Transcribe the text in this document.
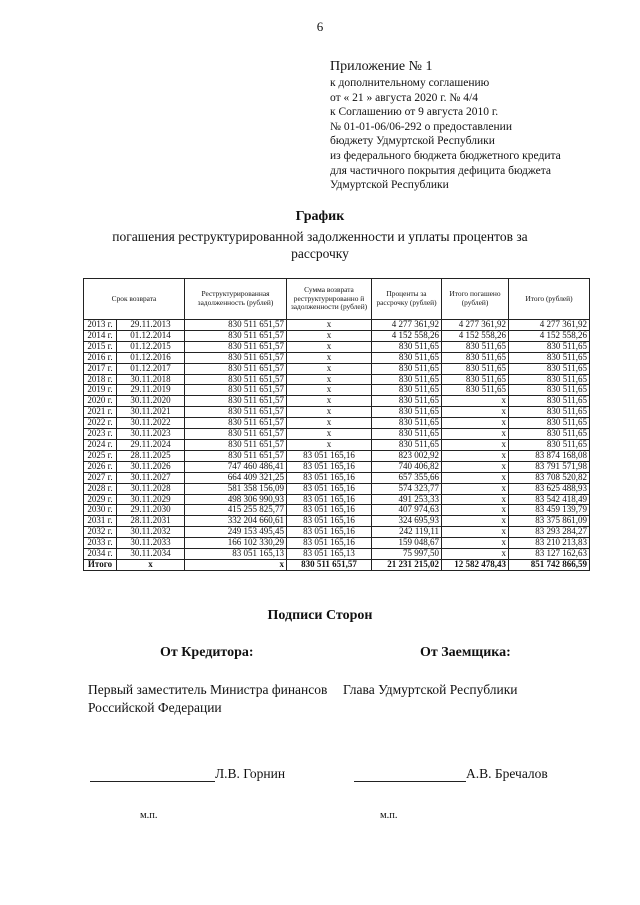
6
Приложение № 1
к дополнительному соглашению
от « 21 » августа 2020 г. № 4/4
к Соглашению от 9 августа 2010 г.
№ 01-01-06/06-292 о предоставлении
бюджету Удмуртской Республики
из федерального бюджета бюджетного кредита
для частичного покрытия дефицита бюджета
Удмуртской Республики
График
погашения реструктурированной задолженности и уплаты процентов за рассрочку
Срок возврата		Реструктурированная задолженность (рублей)	Сумма возврата реструктурированно й задолженности (рублей)	Проценты за рассрочку (рублей)	Итого погашено (рублей)	Итого (рублей)
2013 г.	29.11.2013	830 511 651,57	x	4 277 361,92	4 277 361,92	4 277 361,92
2014 г.	01.12.2014	830 511 651,57	x	4 152 558,26	4 152 558,26	4 152 558,26
2015 г.	01.12.2015	830 511 651,57	x	830 511,65	830 511,65	830 511,65
2016 г.	01.12.2016	830 511 651,57	x	830 511,65	830 511,65	830 511,65
2017 г.	01.12.2017	830 511 651,57	x	830 511,65	830 511,65	830 511,65
2018 г.	30.11.2018	830 511 651,57	x	830 511,65	830 511,65	830 511,65
2019 г.	29.11.2019	830 511 651,57	x	830 511,65	830 511,65	830 511,65
2020 г.	30.11.2020	830 511 651,57	x	830 511,65	x	830 511,65
2021 г.	30.11.2021	830 511 651,57	x	830 511,65	x	830 511,65
2022 г.	30.11.2022	830 511 651,57	x	830 511,65	x	830 511,65
2023 г.	30.11.2023	830 511 651,57	x	830 511,65	x	830 511,65
2024 г.	29.11.2024	830 511 651,57	x	830 511,65	x	830 511,65
2025 г.	28.11.2025	830 511 651,57	83 051 165,16	823 002,92	x	83 874 168,08
2026 г.	30.11.2026	747 460 486,41	83 051 165,16	740 406,82	x	83 791 571,98
2027 г.	30.11.2027	664 409 321,25	83 051 165,16	657 355,66	x	83 708 520,82
2028 г.	30.11.2028	581 358 156,09	83 051 165,16	574 323,77	x	83 625 488,93
2029 г.	30.11.2029	498 306 990,93	83 051 165,16	491 253,33	x	83 542 418,49
2030 г.	29.11.2030	415 255 825,77	83 051 165,16	407 974,63	x	83 459 139,79
2031 г.	28.11.2031	332 204 660,61	83 051 165,16	324 695,93	x	83 375 861,09
2032 г.	30.11.2032	249 153 495,45	83 051 165,16	242 119,11	x	83 293 284,27
2033 г.	30.11.2033	166 102 330,29	83 051 165,16	159 048,67	x	83 210 213,83
2034 г.	30.11.2034	83 051 165,13	83 051 165,13	75 997,50	x	83 127 162,63
Итого	x	x	830 511 651,57	21 231 215,02	12 582 478,43	851 742 866,59
Подписи Сторон
От Кредитора:	От Заемщика:
Первый заместитель Министра финансов Российской Федерации
Глава Удмуртской Республики
Л.В. Горнин	А.В. Бречалов
м.п.	м.п.
